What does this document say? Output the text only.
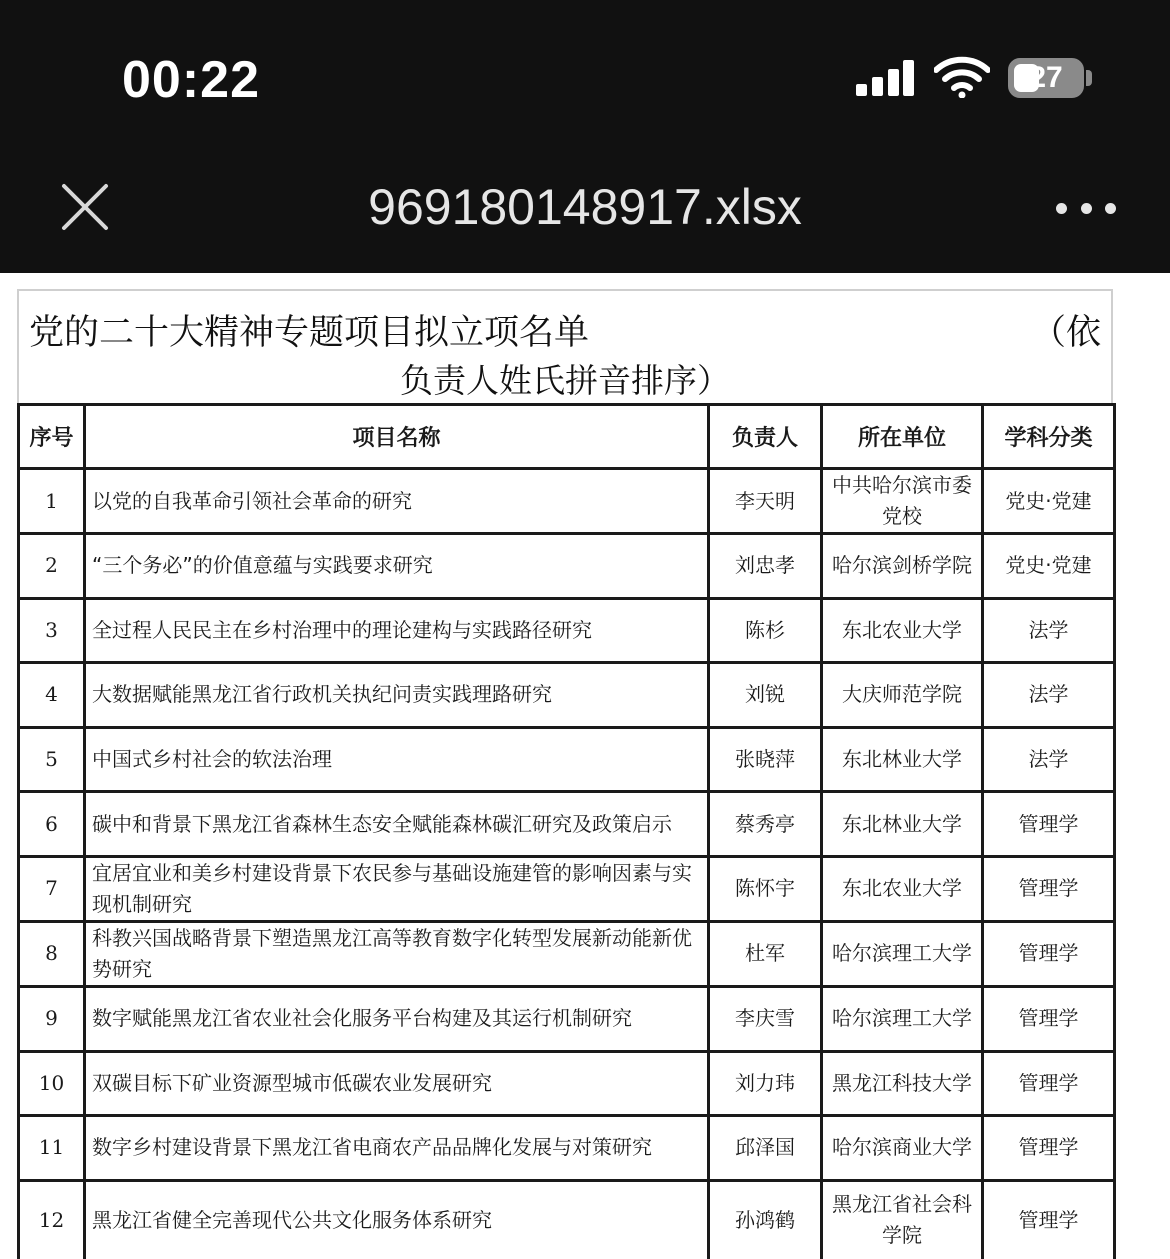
00:22	27
969180148917.xlsx
党的二十大精神专题项目拟立项名单	（依
负责人姓氏拼音排序）
序号	项目名称	负责人	所在单位	学科分类
1	以党的自我革命引领社会革命的研究	李天明	中共哈尔滨市委党校	党史·党建
2	“三个务必”的价值意蕴与实践要求研究	刘忠孝	哈尔滨剑桥学院	党史·党建
3	全过程人民民主在乡村治理中的理论建构与实践路径研究	陈杉	东北农业大学	法学
4	大数据赋能黑龙江省行政机关执纪问责实践理路研究	刘锐	大庆师范学院	法学
5	中国式乡村社会的软法治理	张晓萍	东北林业大学	法学
6	碳中和背景下黑龙江省森林生态安全赋能森林碳汇研究及政策启示	蔡秀亭	东北林业大学	管理学
7	宜居宜业和美乡村建设背景下农民参与基础设施建管的影响因素与实现机制研究	陈怀宇	东北农业大学	管理学
8	科教兴国战略背景下塑造黑龙江高等教育数字化转型发展新动能新优势研究	杜军	哈尔滨理工大学	管理学
9	数字赋能黑龙江省农业社会化服务平台构建及其运行机制研究	李庆雪	哈尔滨理工大学	管理学
10	双碳目标下矿业资源型城市低碳农业发展研究	刘力玮	黑龙江科技大学	管理学
11	数字乡村建设背景下黑龙江省电商农产品品牌化发展与对策研究	邱泽国	哈尔滨商业大学	管理学
12	黑龙江省健全完善现代公共文化服务体系研究	孙鸿鹤	黑龙江省社会科学院	管理学
